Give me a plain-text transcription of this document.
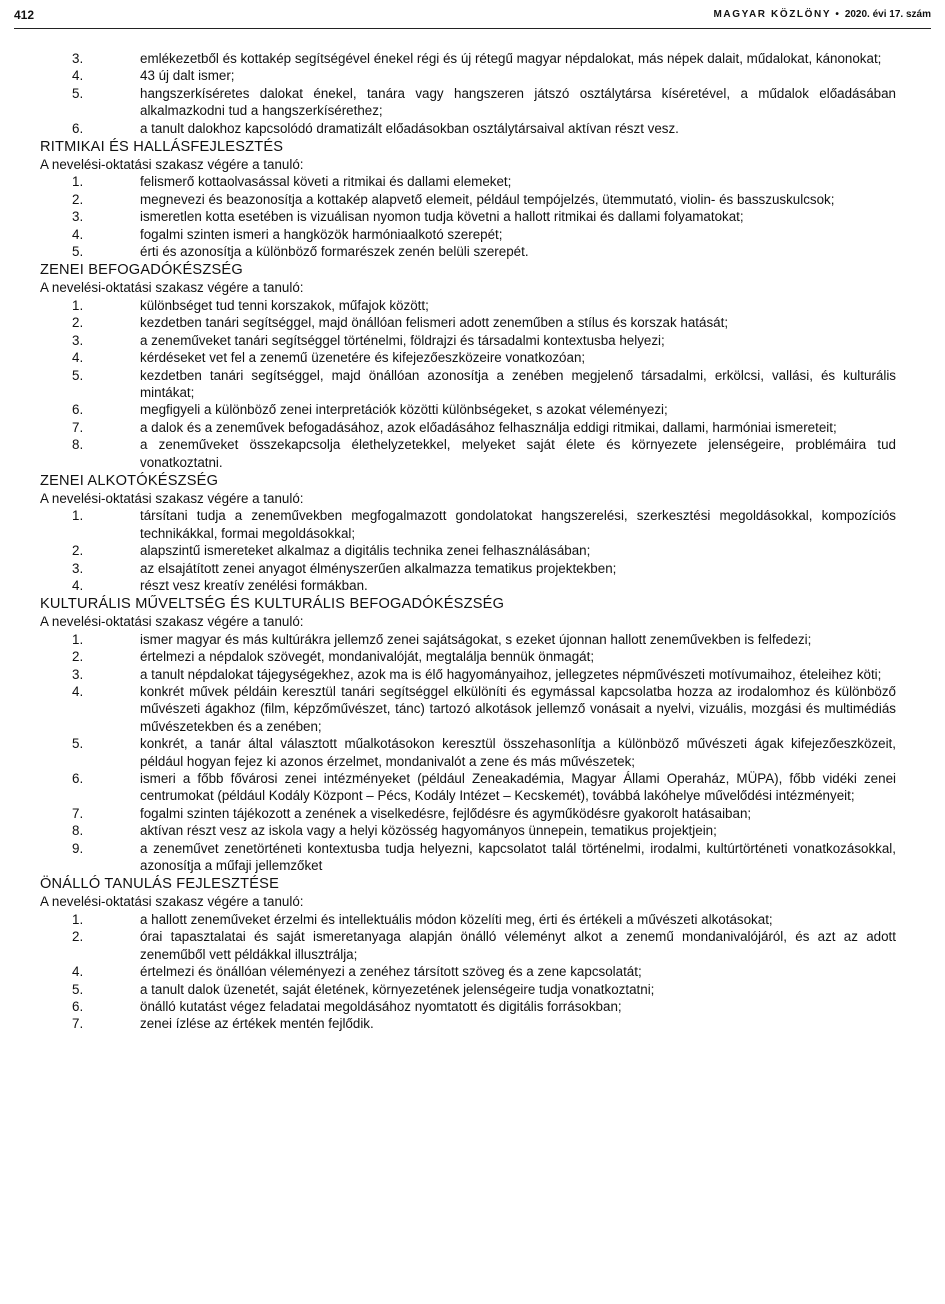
412	MAGYAR KÖZLÖNY • 2020. évi 17. szám
3.	emlékezetből és kottakép segítségével énekel régi és új rétegű magyar népdalokat, más népek dalait, műdalokat, kánonokat;
4.	43 új dalt ismer;
5.	hangszerkíséretes dalokat énekel, tanára vagy hangszeren játszó osztálytársa kíséretével, a műdalok előadásában alkalmazkodni tud a hangszerkísérethez;
6.	a tanult dalokhoz kapcsolódó dramatizált előadásokban osztálytársaival aktívan részt vesz.
RITMIKAI ÉS HALLÁSFEJLESZTÉS
A nevelési-oktatási szakasz végére a tanuló:
1.	felismerő kottaolvasással követi a ritmikai és dallami elemeket;
2.	megnevezi és beazonosítja a kottakép alapvető elemeit, például tempójelzés, ütemmutató, violin- és basszuskulcsok;
3.	ismeretlen kotta esetében is vizuálisan nyomon tudja követni a hallott ritmikai és dallami folyamatokat;
4.	fogalmi szinten ismeri a hangközök harmóniaalkotó szerepét;
5.	érti és azonosítja a különböző formarészek zenén belüli szerepét.
ZENEI BEFOGADÓKÉSZSÉG
A nevelési-oktatási szakasz végére a tanuló:
1.	különbséget tud tenni korszakok, műfajok között;
2.	kezdetben tanári segítséggel, majd önállóan felismeri adott zeneműben a stílus és korszak hatását;
3.	a zeneműveket tanári segítséggel történelmi, földrajzi és társadalmi kontextusba helyezi;
4.	kérdéseket vet fel a zenemű üzenetére és kifejezőeszközeire vonatkozóan;
5.	kezdetben tanári segítséggel, majd önállóan azonosítja a zenében megjelenő társadalmi, erkölcsi, vallási, és kulturális mintákat;
6.	megfigyeli a különböző zenei interpretációk közötti különbségeket, s azokat véleményezi;
7.	a dalok és a zeneművek befogadásához, azok előadásához felhasználja eddigi ritmikai, dallami, harmóniai ismereteit;
8.	a zeneműveket összekapcsolja élethelyzetekkel, melyeket saját élete és környezete jelenségeire, problémáira tud vonatkoztatni.
ZENEI ALKOTÓKÉSZSÉG
A nevelési-oktatási szakasz végére a tanuló:
1.	társítani tudja a zeneművekben megfogalmazott gondolatokat hangszerelési, szerkesztési megoldásokkal, kompozíciós technikákkal, formai megoldásokkal;
2.	alapszintű ismereteket alkalmaz a digitális technika zenei felhasználásában;
3.	az elsajátított zenei anyagot élményszerűen alkalmazza tematikus projektekben;
4.	részt vesz kreatív zenélési formákban.
KULTURÁLIS MŰVELTSÉG ÉS KULTURÁLIS BEFOGADÓKÉSZSÉG
A nevelési-oktatási szakasz végére a tanuló:
1.	ismer magyar és más kultúrákra jellemző zenei sajátságokat, s ezeket újonnan hallott zeneművekben is felfedezi;
2.	értelmezi a népdalok szövegét, mondanivalóját, megtalálja bennük önmagát;
3.	a tanult népdalokat tájegységekhez, azok ma is élő hagyományaihoz, jellegzetes népművészeti motívumaihoz, ételeihez köti;
4.	konkrét művek példáin keresztül tanári segítséggel elkülöníti és egymással kapcsolatba hozza az irodalomhoz és különböző művészeti ágakhoz (film, képzőművészet, tánc) tartozó alkotások jellemző vonásait a nyelvi, vizuális, mozgási és multimédiás művészetekben és a zenében;
5.	konkrét, a tanár által választott műalkotásokon keresztül összehasonlítja a különböző művészeti ágak kifejezőeszközeit, például hogyan fejez ki azonos érzelmet, mondanivalót a zene és más művészetek;
6.	ismeri a főbb fővárosi zenei intézményeket (például Zeneakadémia, Magyar Állami Operaház, MÜPA), főbb vidéki zenei centrumokat (például Kodály Központ – Pécs, Kodály Intézet – Kecskemét), továbbá lakóhelye művelődési intézményeit;
7.	fogalmi szinten tájékozott a zenének a viselkedésre, fejlődésre és agyműködésre gyakorolt hatásaiban;
8.	aktívan részt vesz az iskola vagy a helyi közösség hagyományos ünnepein, tematikus projektjein;
9.	a zeneművet zenetörténeti kontextusba tudja helyezni, kapcsolatot talál történelmi, irodalmi, kultúrtörténeti vonatkozásokkal, azonosítja a műfaji jellemzőket
ÖNÁLLÓ TANULÁS FEJLESZTÉSE
A nevelési-oktatási szakasz végére a tanuló:
1.	a hallott zeneműveket érzelmi és intellektuális módon közelíti meg, érti és értékeli a művészeti alkotásokat;
2.	órai tapasztalatai és saját ismeretanyaga alapján önálló véleményt alkot a zenemű mondanivalójáról, és azt az adott zeneműből vett példákkal illusztrálja;
4.	értelmezi és önállóan véleményezi a zenéhez társított szöveg és a zene kapcsolatát;
5.	a tanult dalok üzenetét, saját életének, környezetének jelenségeire tudja vonatkoztatni;
6.	önálló kutatást végez feladatai megoldásához nyomtatott és digitális forrásokban;
7.	zenei ízlése az értékek mentén fejlődik.
